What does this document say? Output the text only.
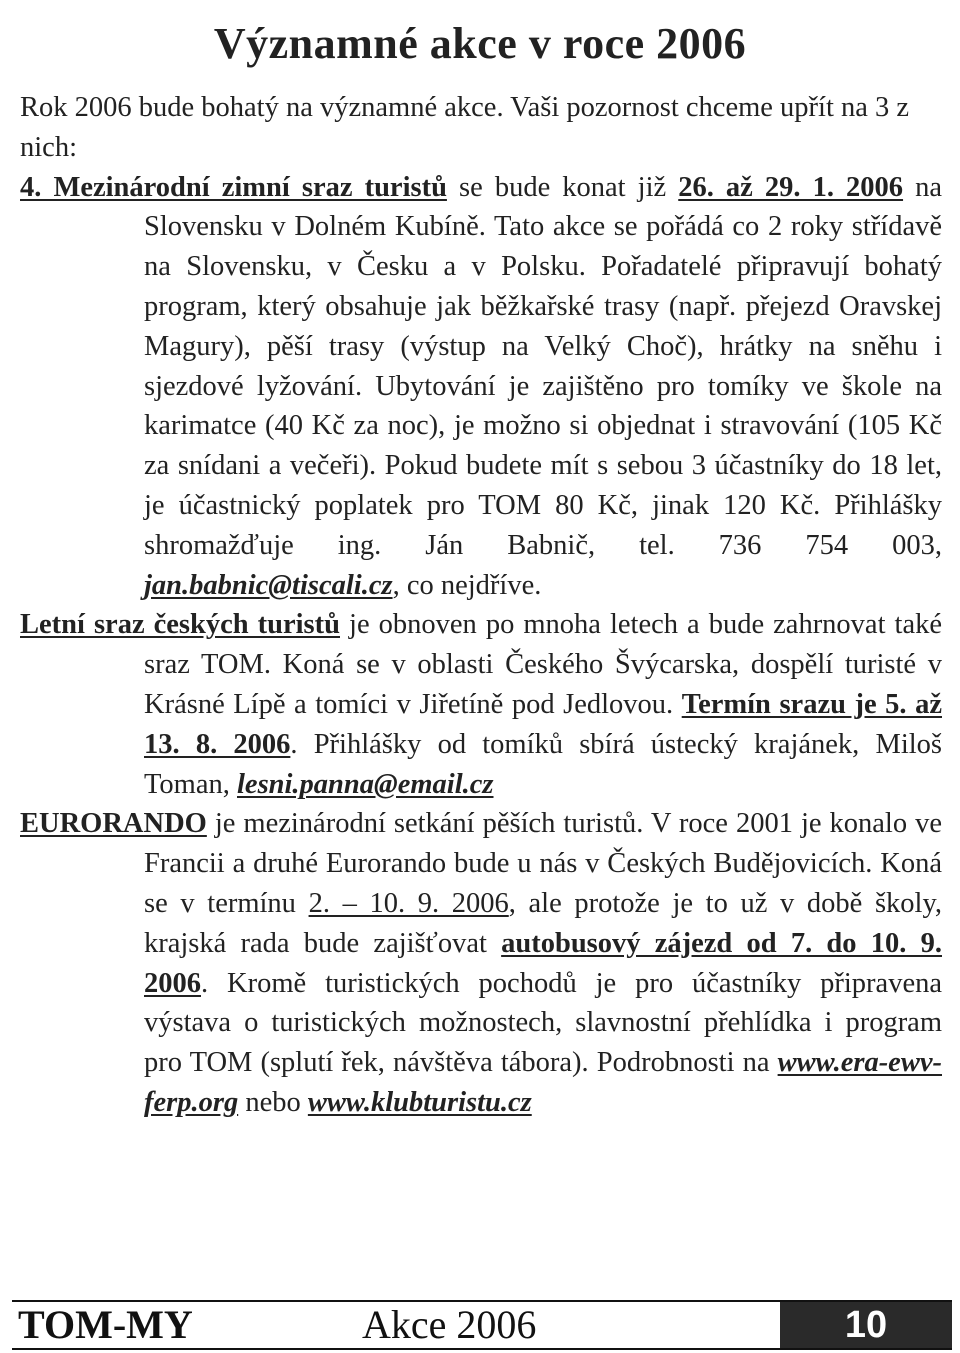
Významné akce v roce 2006
Rok 2006 bude bohatý na významné akce. Vaši pozornost chceme upřít na 3 z nich:
4. Mezinárodní zimní sraz turistů se bude konat již 26. až 29. 1. 2006 na Slovensku v Dolném Kubíně. Tato akce se pořádá co 2 roky střídavě na Slovensku, v Česku a v Polsku. Pořadatelé připravují bohatý program, který obsahuje jak běžkařské trasy (např. přejezd Oravskej Magury), pěší trasy (výstup na Velký Choč), hrátky na sněhu i sjezdové lyžování. Ubytování je zajištěno pro tomíky ve škole na karimatce (40 Kč za noc), je možno si objednat i stravování (105 Kč za snídani a večeři). Pokud budete mít s sebou 3 účastníky do 18 let, je účastnický poplatek pro TOM 80 Kč, jinak 120 Kč. Přihlášky shromažďuje ing. Ján Babnič, tel. 736 754 003, jan.babnic@tiscali.cz, co nejdříve.
Letní sraz českých turistů je obnoven po mnoha letech a bude zahrnovat také sraz TOM. Koná se v oblasti Českého Švýcarska, dospělí turisté v Krásné Lípě a tomíci v Jiřetíně pod Jedlovou. Termín srazu je 5. až 13. 8. 2006. Přihlášky od tomíků sbírá ústecký krajánek, Miloš Toman, lesni.panna@email.cz
EURORANDO je mezinárodní setkání pěších turistů. V roce 2001 je konalo ve Francii a druhé Eurorando bude u nás v Českých Budějovicích. Koná se v termínu 2. – 10. 9. 2006, ale protože je to už v době školy, krajská rada bude zajišťovat autobusový zájezd od 7. do 10. 9. 2006. Kromě turistických pochodů je pro účastníky připravena výstava o turistických možnostech, slavnostní přehlídka i program pro TOM (splutí řek, návštěva tábora). Podrobnosti na www.era-ewv-ferp.org nebo www.klubturistu.cz
TOM-MY	Akce 2006	10
